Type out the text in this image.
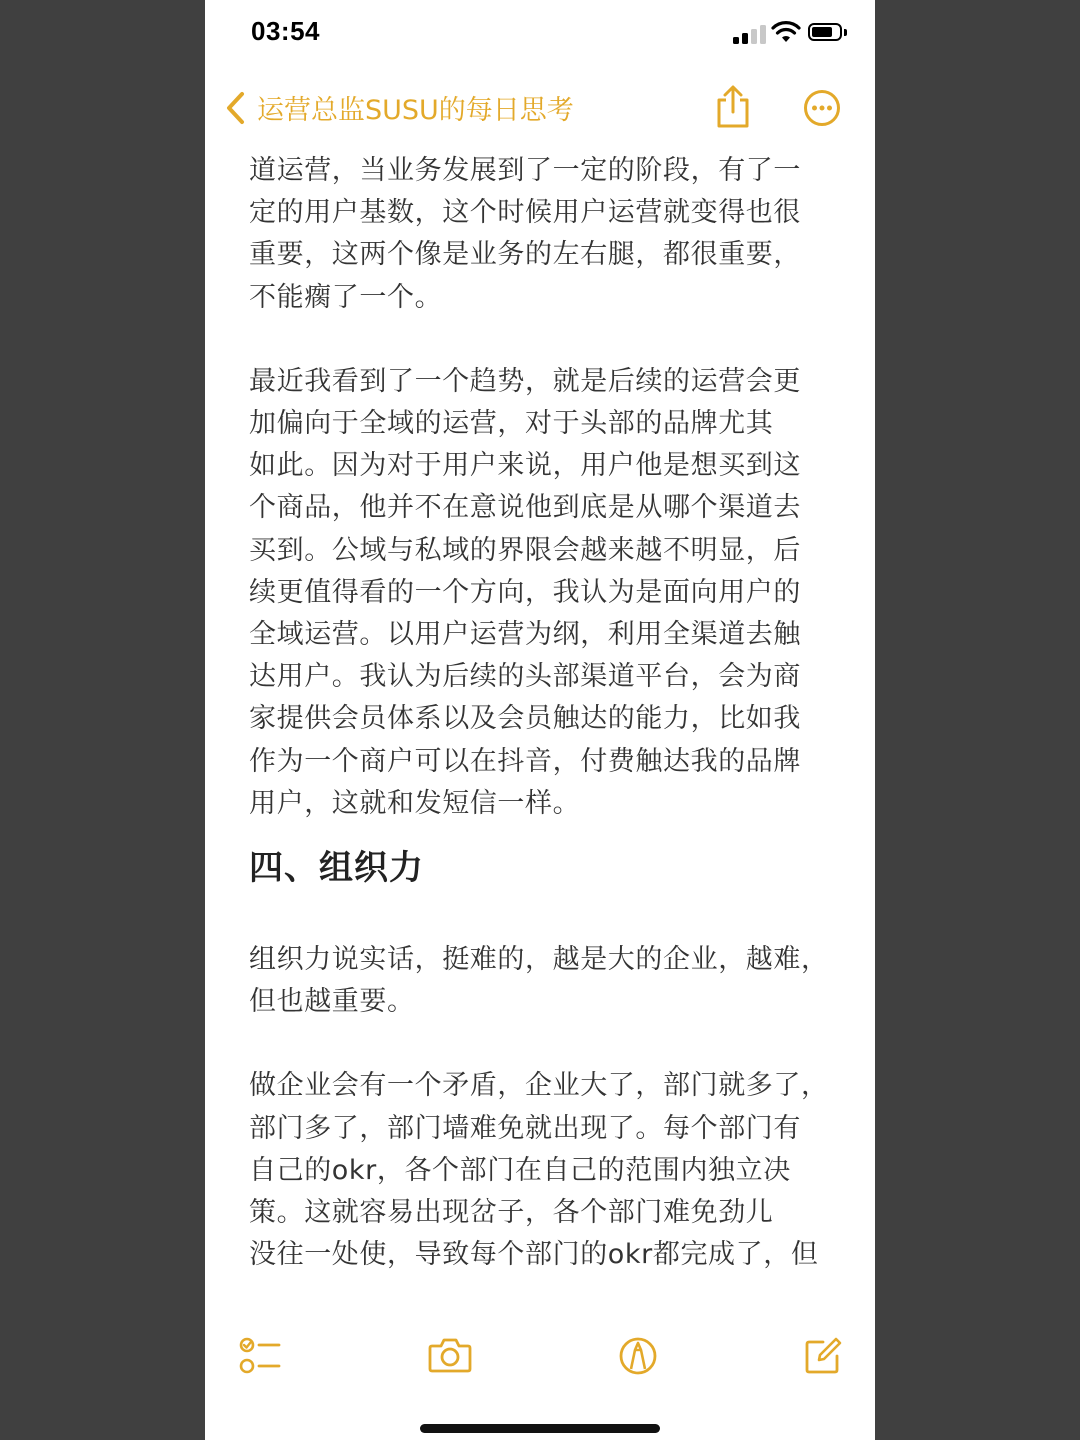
03:54
运营总监SUSU的每日思考

道运营，当业务发展到了一定的阶段，有了一

定的用户基数，这个时候用户运营就变得也很

重要，这两个像是业务的左右腿，都很重要，

不能瘸了一个。

最近我看到了一个趋势，就是后续的运营会更

加偏向于全域的运营，对于头部的品牌尤其

如此。因为对于用户来说，用户他是想买到这

个商品，他并不在意说他到底是从哪个渠道去

买到。公域与私域的界限会越来越不明显，后

续更值得看的一个方向，我认为是面向用户的

全域运营。以用户运营为纲，利用全渠道去触

达用户。我认为后续的头部渠道平台，会为商

家提供会员体系以及会员触达的能力，比如我

作为一个商户可以在抖音，付费触达我的品牌

用户，这就和发短信一样。

四、组织力

组织力说实话，挺难的，越是大的企业，越难，

但也越重要。

做企业会有一个矛盾，企业大了，部门就多了，

部门多了，部门墙难免就出现了。每个部门有

自己的okr，各个部门在自己的范围内独立决

策。这就容易出现岔子，各个部门难免劲儿

没往一处使，导致每个部门的okr都完成了，但
